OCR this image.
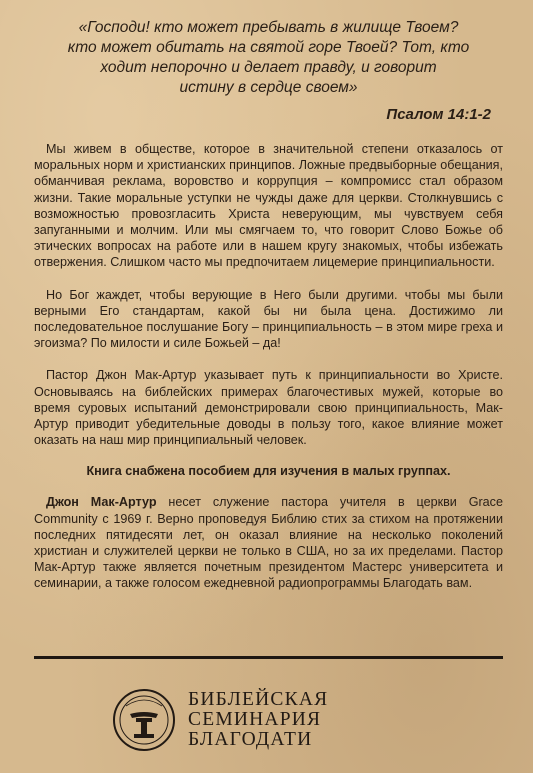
«Господи! кто может пребывать в жилище Твоем?
кто может обитать на святой горе Твоей? Тот, кто
ходит непорочно и делает правду, и говорит
истину в сердце своем»
Псалом 14:1-2
Мы живем в обществе, которое в значительной степени отказалось от моральных норм и христианских принципов. Ложные предвыборные обещания, обманчивая реклама, воровство и коррупция – компромисс стал образом жизни. Такие моральные уступки не чужды даже для церкви. Столкнувшись с возможностью провозгласить Христа неверующим, мы чувствуем себя запуганными и молчим. Или мы смягчаем то, что говорит Слово Божье об этических вопросах на работе или в нашем кругу знакомых, чтобы избежать отвержения. Слишком часто мы предпочитаем лицемерие принципиальности.
Но Бог жаждет, чтобы верующие в Него были другими. чтобы мы были верными Его стандартам, какой бы ни была цена. Достижимо ли последовательное послушание Богу – принципиальность – в этом мире греха и эгоизма? По милости и силе Божьей – да!
Пастор Джон Мак-Артур указывает путь к принципиальности во Христе. Основываясь на библейских примерах благочестивых мужей, которые во время суровых испытаний демонстрировали свою принципиальность, Мак-Артур приводит убедительные доводы в пользу того, какое влияние может оказать на наш мир принципиальный человек.
Книга снабжена пособием для изучения в малых группах.
Джон Мак-Артур несет служение пастора учителя в церкви Grace Community с 1969 г. Верно проповедуя Библию стих за стихом на протяжении последних пятидесяти лет, он оказал влияние на несколько поколений христиан и служителей церкви не только в США, но за их пределами. Пастор Мак-Артур также является почетным президентом Мастерс университета и семинарии, а также голосом ежедневной радиопрограммы Благодать вам.
БИБЛЕЙСКАЯ
СЕМИНАРИЯ
БЛАГОДАТИ
